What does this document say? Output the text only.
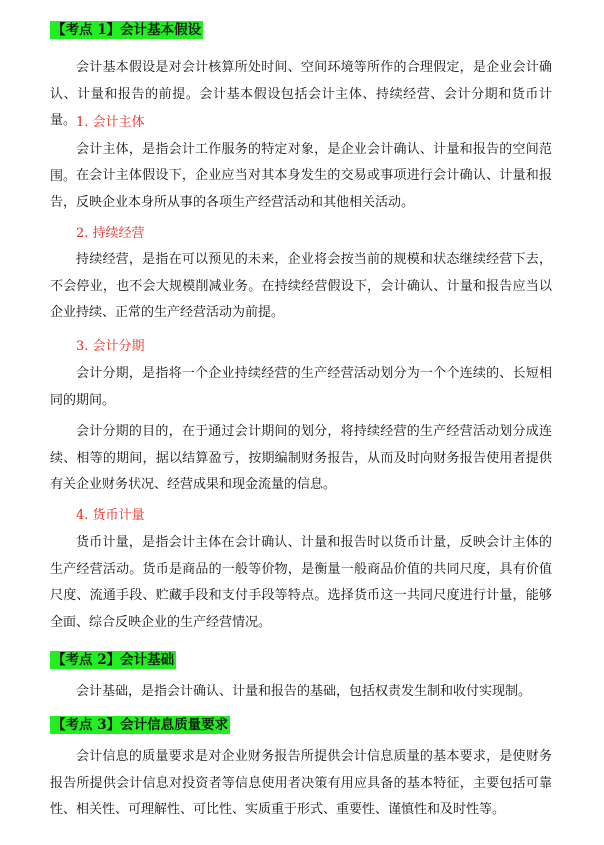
【考点 1】会计基本假设

会计基本假设是对会计核算所处时间、空间环境等所作的合理假定，是企业会计确认、计量和报告的前提。会计基本假设包括会计主体、持续经营、会计分期和货币计量。 1. 会计主体

会计主体，是指会计工作服务的特定对象，是企业会计确认、计量和报告的空间范围。 在会计主体假设下，企业应当对其本身发生的交易或事项进行会计确认、计量和报告，反映企业本身所从事的各项生产经营活动和其他相关活动。

2. 持续经营

持续经营，是指在可以预见的未来，企业将会按当前的规模和状态继续经营下去，不会停业，也不会大规模削减业务。在持续经营假设下，会计确认、计量和报告应当以企业持续、正常的生产经营活动为前提。

3. 会计分期

会计分期，是指将一个企业持续经营的生产经营活动划分为一个个连续的、长短相同的期间。

会计分期的目的，在于通过会计期间的划分，将持续经营的生产经营活动划分成连续、相等的期间，据以结算盈亏，按期编制财务报告，从而及时向财务报告使用者提供有关企业财务状况、经营成果和现金流量的信息。

4. 货币计量

货币计量，是指会计主体在会计确认、计量和报告时以货币计量，反映会计主体的生产经营活动。货币是商品的一般等价物，是衡量一般商品价值的共同尺度，具有价值尺度、流通手段、贮藏手段和支付手段等特点。选择货币这一共同尺度进行计量，能够全面、综合反映企业的生产经营情况。

【考点 2】会计基础

会计基础，是指会计确认、计量和报告的基础，包括权责发生制和收付实现制。

【考点 3】会计信息质量要求

会计信息的质量要求是对企业财务报告所提供会计信息质量的基本要求，是使财务报告所提供会计信息对投资者等信息使用者决策有用应具备的基本特征，主要包括可靠性、相关性、可理解性、可比性、实质重于形式、重要性、谨慎性和及时性等。
